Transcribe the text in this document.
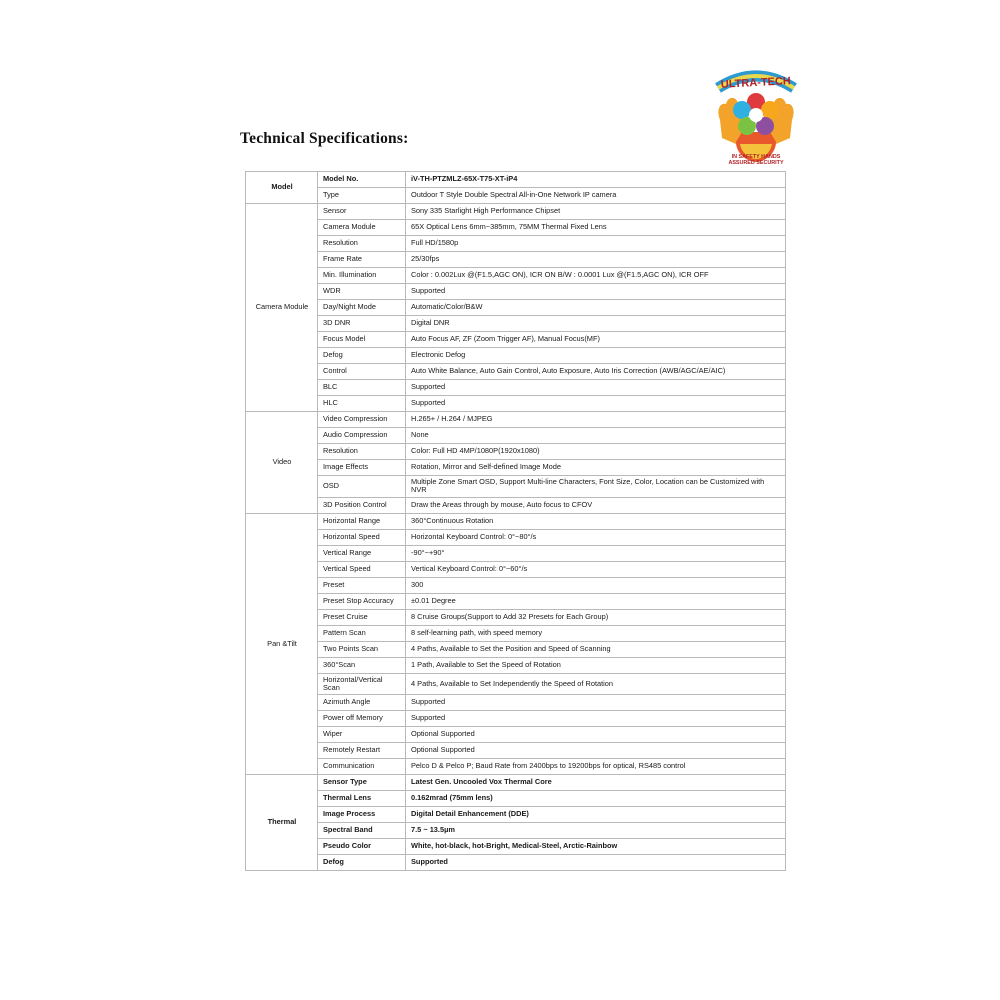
ULTRA-TECH
IN SAFETY HANDS
ASSURED SECURITY
Technical Specifications:
Model	Model No.	iV-TH-PTZMLZ-65X-T75-XT-iP4
	Type	Outdoor T Style Double Spectral All-in-One Network IP camera
Camera Module	Sensor	Sony 335 Starlight High Performance Chipset
	Camera Module	65X Optical Lens 6mm~385mm, 75MM Thermal Fixed Lens
	Resolution	Full HD/1580p
	Frame Rate	25/30fps
	Min. Illumination	Color : 0.002Lux @(F1.5,AGC ON), ICR ON B/W : 0.0001 Lux @(F1.5,AGC ON), ICR OFF
	WDR	Supported
	Day/Night Mode	Automatic/Color/B&W
	3D DNR	Digital DNR
	Focus Model	Auto Focus AF, ZF (Zoom Trigger AF), Manual Focus(MF)
	Defog	Electronic Defog
	Control	Auto White Balance, Auto Gain Control, Auto Exposure, Auto Iris Correction (AWB/AGC/AE/AIC)
	BLC	Supported
	HLC	Supported
Video	Video Compression	H.265+ / H.264 / MJPEG
	Audio Compression	None
	Resolution	Color: Full HD 4MP/1080P(1920x1080)
	Image Effects	Rotation, Mirror and Self-defined Image Mode
	OSD	Multiple Zone Smart OSD, Support Multi-line Characters, Font Size, Color, Location can be Customized with NVR
	3D Position Control	Draw the Areas through by mouse, Auto focus to CFOV
Pan &Tilt	Horizontal Range	360°Continuous Rotation
	Horizontal Speed	Horizontal Keyboard Control: 0°~80°/s
	Vertical Range	-90°~+90°
	Vertical Speed	Vertical Keyboard Control: 0°~60°/s
	Preset	300
	Preset Stop Accuracy	±0.01 Degree
	Preset Cruise	8 Cruise Groups(Support to Add 32 Presets for Each Group)
	Pattern Scan	8 self-learning path, with speed memory
	Two Points Scan	4 Paths, Available to Set the Position and Speed of Scanning
	360°Scan	1 Path, Available to Set the Speed of Rotation
	Horizontal/Vertical Scan	4 Paths, Available to Set Independently the Speed of Rotation
	Azimuth Angle	Supported
	Power off Memory	Supported
	Wiper	Optional Supported
	Remotely Restart	Optional Supported
	Communication	Pelco D & Pelco P; Baud Rate from 2400bps to 19200bps for optical, RS485 control
Thermal	Sensor Type	Latest Gen. Uncooled Vox Thermal Core
	Thermal Lens	0.162mrad (75mm lens)
	Image Process	Digital Detail Enhancement (DDE)
	Spectral Band	7.5 ~ 13.5µm
	Pseudo Color	White, hot-black, hot-Bright, Medical-Steel, Arctic-Rainbow
	Defog	Supported
